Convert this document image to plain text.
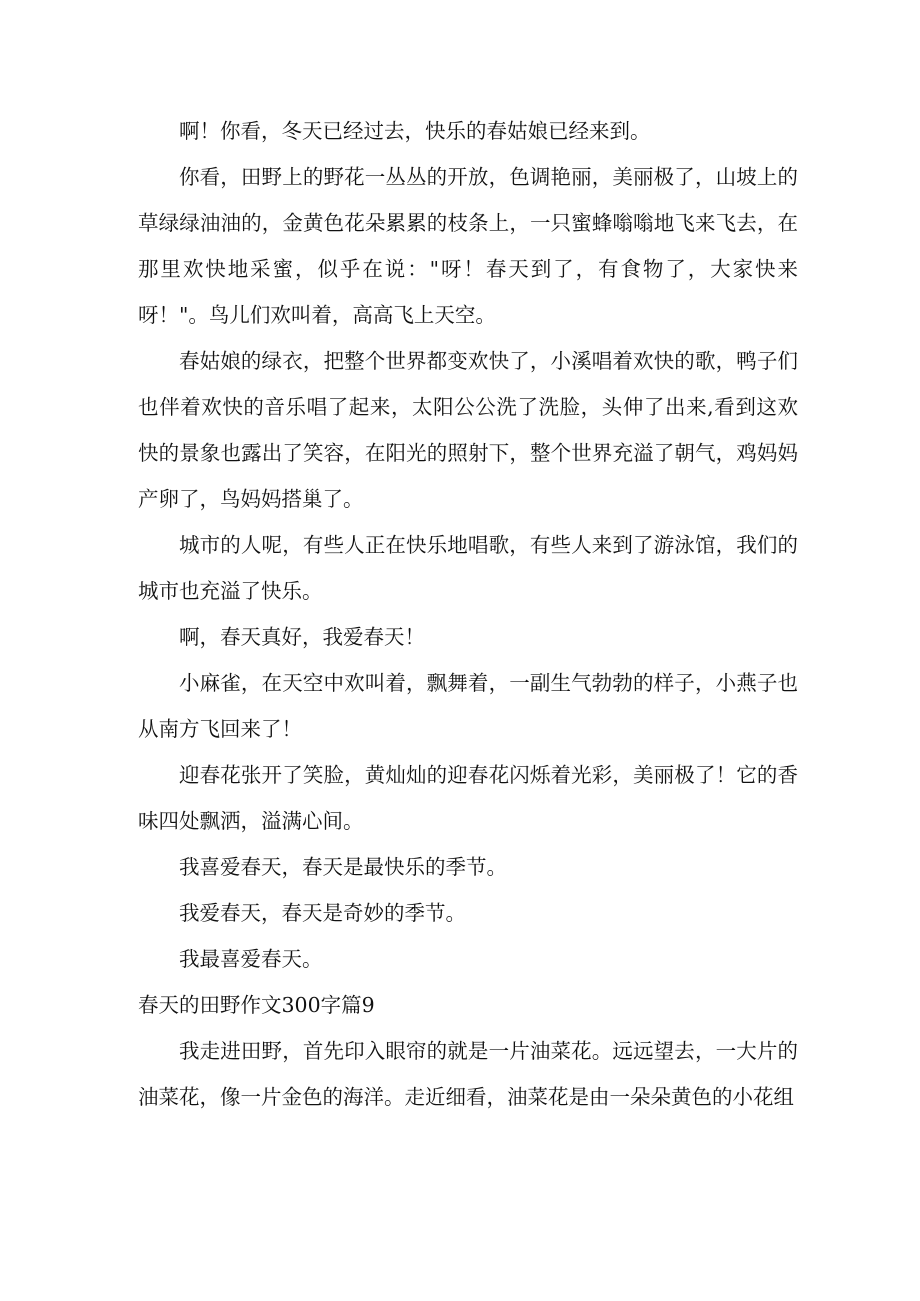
啊！你看，冬天已经过去，快乐的春姑娘已经来到。

你看，田野上的野花一丛丛的开放，色调艳丽，美丽极了，山坡上的草绿绿油油的，金黄色花朵累累的枝条上，一只蜜蜂嗡嗡地飞来飞去，在那里欢快地采蜜，似乎在说："呀！春天到了，有食物了，大家快来呀！"。鸟儿们欢叫着，高高飞上天空。

春姑娘的绿衣，把整个世界都变欢快了，小溪唱着欢快的歌，鸭子们也伴着欢快的音乐唱了起来，太阳公公洗了洗脸，头伸了出来,看到这欢快的景象也露出了笑容，在阳光的照射下，整个世界充溢了朝气，鸡妈妈产卵了，鸟妈妈搭巢了。

城市的人呢，有些人正在快乐地唱歌，有些人来到了游泳馆，我们的城市也充溢了快乐。

啊，春天真好，我爱春天！

小麻雀，在天空中欢叫着，飘舞着，一副生气勃勃的样子，小燕子也从南方飞回来了！

迎春花张开了笑脸，黄灿灿的迎春花闪烁着光彩，美丽极了！它的香味四处飘洒，溢满心间。

我喜爱春天，春天是最快乐的季节。

我爱春天，春天是奇妙的季节。

我最喜爱春天。

春天的田野作文300字篇9

我走进田野，首先印入眼帘的就是一片油菜花。远远望去，一大片的油菜花，像一片金色的海洋。走近细看，油菜花是由一朵朵黄色的小花组
